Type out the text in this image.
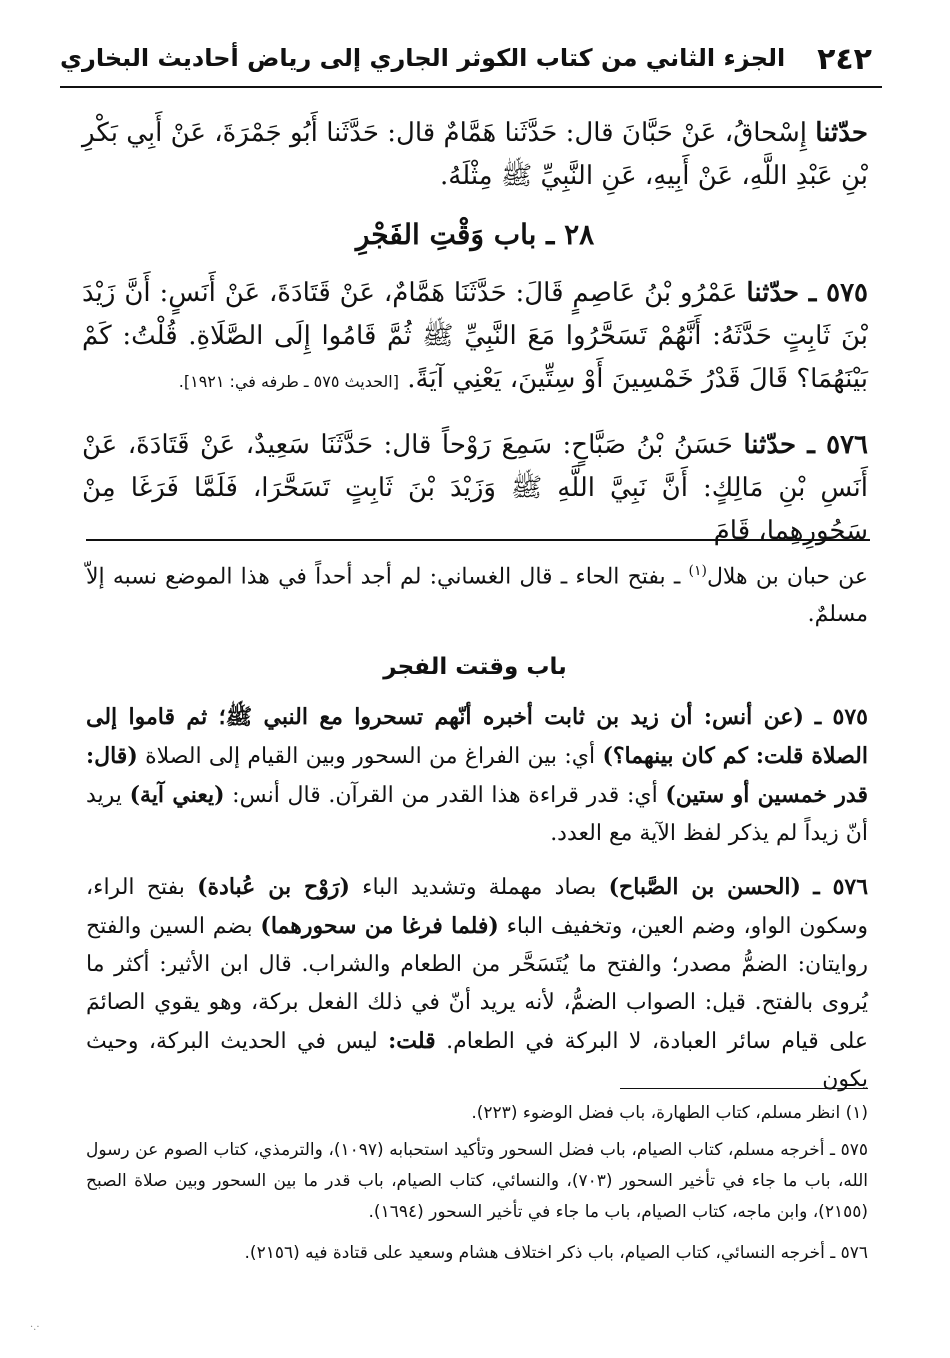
٢٤٢
الجزء الثاني من كتاب الكوثر الجاري إلى رياض أحاديث البخاري
حدّثنا إِسْحاقُ، عَنْ حَبَّانَ قال: حَدَّثَنا هَمَّامٌ قال: حَدَّثَنا أَبُو جَمْرَةَ، عَنْ أَبِي بَكْرِ بْنِ عَبْدِ اللَّهِ، عَنْ أَبِيهِ، عَنِ النَّبِيِّ ﷺ مِثْلَهُ.
٢٨ ـ باب وَقْتِ الفَجْرِ
٥٧٥ ـ حدّثنا عَمْرُو بْنُ عَاصِمٍ قَالَ: حَدَّثَنَا هَمَّامٌ، عَنْ قَتَادَةَ، عَنْ أَنَسٍ: أَنَّ زَيْدَ بْنَ ثَابِتٍ حَدَّثَهُ: أَنَّهُمْ تَسَحَّرُوا مَعَ النَّبِيِّ ﷺ ثُمَّ قَامُوا إِلَى الصَّلَاةِ. قُلْتُ: كَمْ بَيْنَهُمَا؟ قَالَ قَدْرُ خَمْسِينَ أَوْ سِتِّينَ، يَعْنِي آيَةً. [الحديث ٥٧٥ ـ طرفه في: ١٩٢١].
٥٧٦ ـ حدّثنا حَسَنُ بْنُ صَبَّاحٍ: سَمِعَ رَوْحاً قال: حَدَّثَنَا سَعِيدٌ، عَنْ قَتَادَةَ، عَنْ أَنَسِ بْنِ مَالِكٍ: أَنَّ نَبِيَّ اللَّهِ ﷺ وَزَيْدَ بْنَ ثَابِتٍ تَسَحَّرَا، فَلَمَّا فَرَغَا مِنْ سَحُورِهِما، قَامَ
عن حبان بن هلال$^{(١)}$ ـ بفتح الحاء ـ قال الغساني: لم أجد أحداً في هذا الموضع نسبه إلاّ مسلمٌ.
باب وقتت الفجر
٥٧٥ ـ (عن أنس: أن زيد بن ثابت أخبره أنّهم تسحروا مع النبي ﷺ؛ ثم قاموا إلى الصلاة قلت: كم كان بينهما؟) أي: بين الفراغ من السحور وبين القيام إلى الصلاة (قال: قدر خمسين أو ستين) أي: قدر قراءة هذا القدر من القرآن. قال أنس: (يعني آية) يريد أنّ زيداً لم يذكر لفظ الآية مع العدد.
٥٧٦ ـ (الحسن بن الصَّباح) بصاد مهملة وتشديد الباء (رَوْح بن عُبادة) بفتح الراء، وسكون الواو، وضم العين، وتخفيف الباء (فلما فرغا من سحورهما) بضم السين والفتح روايتان: الضمُّ مصدر؛ والفتح ما يُتَسَحَّر من الطعام والشراب. قال ابن الأثير: أكثر ما يُروى بالفتح. قيل: الصواب الضمُّ، لأنه يريد أنّ في ذلك الفعل بركة، وهو يقوي الصائمَ على قيام سائر العبادة، لا البركة في الطعام. قلت: ليس في الحديث البركة، وحيث يكون
(١) انظر مسلم، كتاب الطهارة، باب فضل الوضوء (٢٢٣).
٥٧٥ ـ أخرجه مسلم، كتاب الصيام، باب فضل السحور وتأكيد استحبابه (١٠٩٧)، والترمذي، كتاب الصوم عن رسول الله، باب ما جاء في تأخير السحور (٧٠٣)، والنسائي، كتاب الصيام، باب قدر ما بين السحور وبين صلاة الصبح (٢١٥٥)، وابن ماجه، كتاب الصيام، باب ما جاء في تأخير السحور (١٦٩٤).
٥٧٦ ـ أخرجه النسائي، كتاب الصيام، باب ذكر اختلاف هشام وسعيد على قتادة فيه (٢١٥٦).
·.·
